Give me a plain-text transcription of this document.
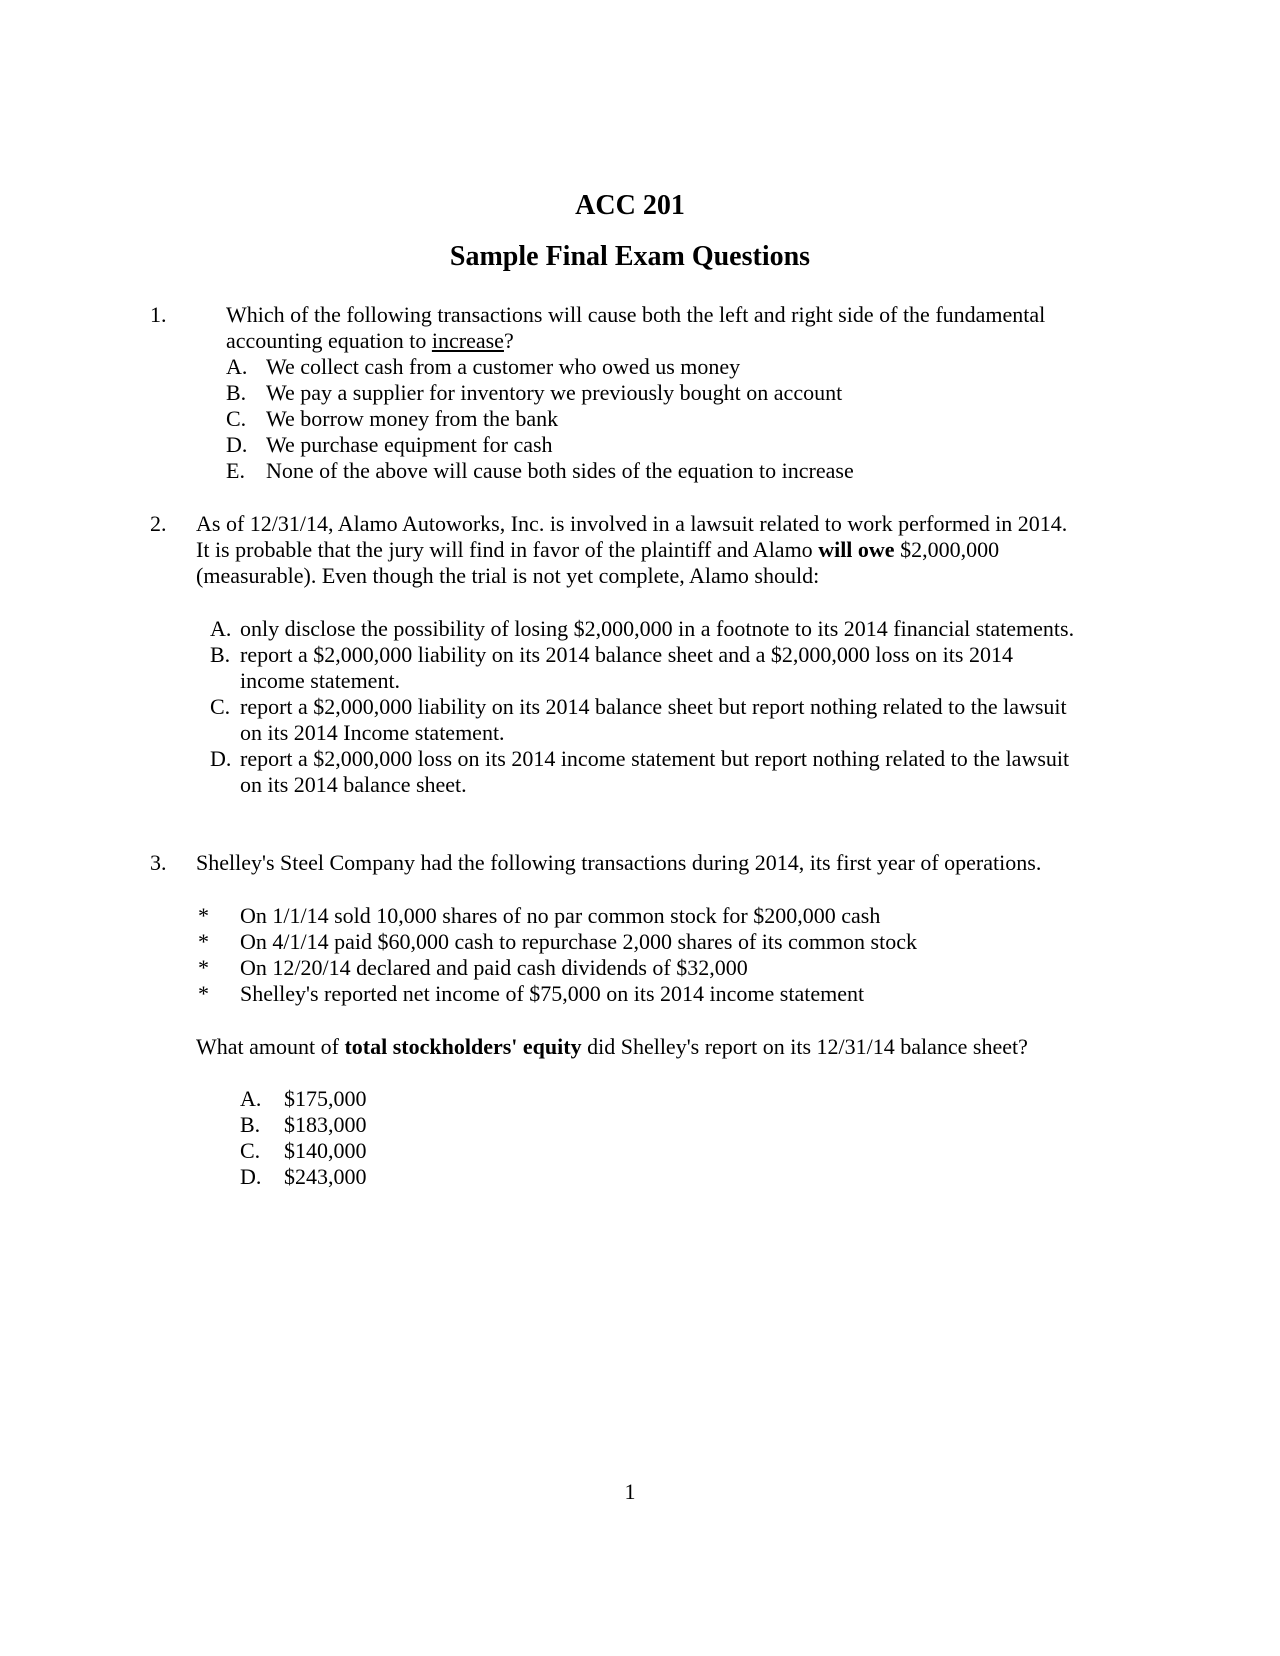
ACC 201
Sample Final Exam Questions
1.	Which of the following transactions will cause both the left and right side of the fundamental
accounting equation to increase?
A. We collect cash from a customer who owed us money
B. We pay a supplier for inventory we previously bought on account
C. We borrow money from the bank
D. We purchase equipment for cash
E. None of the above will cause both sides of the equation to increase
2. As of 12/31/14, Alamo Autoworks, Inc. is involved in a lawsuit related to work performed in 2014.
It is probable that the jury will find in favor of the plaintiff and Alamo will owe $2,000,000
(measurable). Even though the trial is not yet complete, Alamo should:
A. only disclose the possibility of losing $2,000,000 in a footnote to its 2014 financial statements.
B. report a $2,000,000 liability on its 2014 balance sheet and a $2,000,000 loss on its 2014
income statement.
C. report a $2,000,000 liability on its 2014 balance sheet but report nothing related to the lawsuit
on its 2014 Income statement.
D. report a $2,000,000 loss on its 2014 income statement but report nothing related to the lawsuit
on its 2014 balance sheet.
3. Shelley's Steel Company had the following transactions during 2014, its first year of operations.
* On 1/1/14 sold 10,000 shares of no par common stock for $200,000 cash
* On 4/1/14 paid $60,000 cash to repurchase 2,000 shares of its common stock
* On 12/20/14 declared and paid cash dividends of $32,000
* Shelley's reported net income of $75,000 on its 2014 income statement
What amount of total stockholders' equity did Shelley's report on its 12/31/14 balance sheet?
A. $175,000
B. $183,000
C. $140,000
D. $243,000
1
